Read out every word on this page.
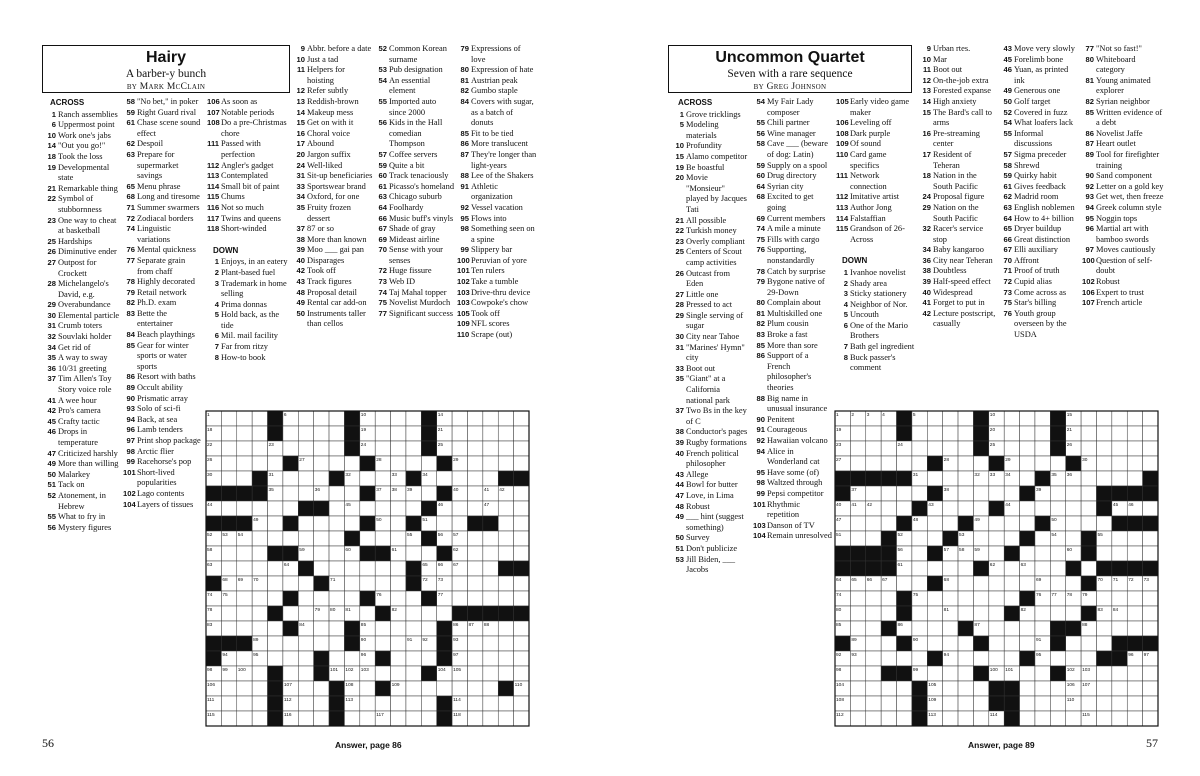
Hairy
A barber-y bunch
by Mark McClain
ACROSS
1 Ranch assemblies
6 Uppermost point
10 Work one's jabs
14 "Out you go!"
18 Took the loss
19 Developmental state
21 Remarkable thing
22 Symbol of stubbornness
23 One way to cheat at basketball
25 Hardships
26 Diminutive ender
27 Outpost for Crockett
28 Michelangelo's David, e.g.
29 Overabundance
30 Elemental particle
31 Crumb toters
32 Souvlaki holder
34 Get rid of
35 A way to sway
36 10/31 greeting
37 Tim Allen's Toy Story voice role
41 A wee hour
42 Pro's camera
45 Crafty tactic
46 Drops in temperature
47 Criticized harshly
49 More than willing
50 Malarkey
51 Tack on
52 Atonement, in Hebrew
55 What to fry in
56 Mystery figures
58 "No bet," in poker
59 Right Guard rival
61 Chase scene sound effect
62 Despoil
63 Prepare for supermarket savings
65 Menu phrase
68 Long and tiresome
71 Summer swarmers
72 Zodiacal borders
74 Linguistic variations
76 Mental quickness
77 Separate grain from chaff
78 Highly decorated
79 Retail network
82 Ph.D. exam
83 Bette the entertainer
84 Beach playthings
85 Gear for winter sports or water sports
86 Resort with baths
89 Occult ability
90 Prismatic array
93 Solo of sci-fi
94 Back, at sea
96 Lamb tenders
97 Print shop package
98 Arctic flier
99 Racehorse's pop
101 Short-lived popularities
102 Lago contents
104 Layers of tissues
106 As soon as
107 Notable periods
108 Do a pre-Christmas chore
111 Passed with perfection
112 Angler's gadget
113 Contemplated
114 Small bit of paint
115 Chums
116 Not so much
117 Twins and queens
118 Short-winded
DOWN
1 Enjoys, in an eatery
2 Plant-based fuel
3 Trademark in home selling
4 Prima donnas
5 Hold back, as the tide
6 Mil. mail facility
7 Far from ritzy
8 How-to book
9 Abbr. before a date
10 Just a tad
11 Helpers for hoisting
12 Refer subtly
13 Reddish-brown
14 Makeup mess
15 Get on with it
16 Choral voice
17 Abound
20 Jargon suffix
24 Well-liked
31 Sit-up beneficiaries
33 Sportswear brand
34 Oxford, for one
35 Fruity frozen dessert
37 87 or so
38 More than known
39 Moo ___ gai pan
40 Disparages
42 Took off
43 Track figures
48 Proposal detail
49 Rental car add-on
50 Instruments taller than cellos
52 Common Korean surname
53 Pub designation
54 An essential element
55 Imported auto since 2000
56 Kids in the Hall comedian Thompson
57 Coffee servers
59 Quite a bit
60 Track tenaciously
61 Picasso's homeland
63 Chicago suburb
64 Foolhardy
66 Music buff's vinyls
67 Shade of gray
69 Mideast airline
70 Sense with your senses
72 Huge fissure
73 Web ID
74 Taj Mahal topper
75 Novelist Murdoch
77 Significant success
79 Expressions of love
80 Expression of hate
81 Austrian peak
82 Gumbo staple
84 Covers with sugar, as a batch of donuts
85 Fit to be tied
86 More translucent
87 They're longer than light-years
88 Lee of the Shakers
91 Athletic organization
92 Vessel vacation
95 Flows into
98 Something seen on a spine
99 Slippery bar
100 Peruvian of yore
101 Ten rulers
102 Take a tumble
103 Drive-thru device
103 Cowpoke's chow
105 Took off
109 NFL scores
110 Scrape (out)
1	6	10	14
18	19	21
22	23	24	25
26	27	28	29
30	31	32	33	34
35	36	37 38 39	40	41 42
44	45	46	47
49	50	51
52 53 54	55	56 57
58	59	60	61	62
63	64	65 66 67
68 69 70	71	72 73
74 75	76	77
78	79 80 81	82
83	84	85	86 87 88
89	90	91 92	93
94	95	96	97
98 99 100	101 102 103	104 105
106	107	108	109	110
111	112	113	114
115	116	117	118
56	Answer, page 86
Uncommon Quartet
Seven with a rare sequence
by Greg Johnson
ACROSS
1 Grove tricklings
5 Modeling materials
10 Profundity
15 Alamo competitor
19 Be boastful
20 Movie "Monsieur" played by Jacques Tati
21 All possible
22 Turkish money
23 Overly compliant
25 Centers of Scout camp activities
26 Outcast from Eden
27 Little one
28 Pressed to act
29 Single serving of sugar
30 City near Tahoe
31 "Marines' Hymn" city
33 Boot out
35 "Giant" at a California national park
37 Two Bs in the key of C
38 Conductor's pages
39 Rugby formations
40 French political philosopher
43 Allege
44 Bowl for butter
47 Love, in Lima
48 Robust
49 ___ hint (suggest something)
50 Survey
51 Don't publicize
53 Jill Biden, ___ Jacobs
54 My Fair Lady composer
55 Chili partner
56 Wine manager
58 Cave ___ (beware of dog: Latin)
59 Supply on a spool
60 Drug directory
64 Syrian city
68 Excited to get going
69 Current members
74 A mile a minute
75 Fills with cargo
76 Supporting, nonstandardly
78 Catch by surprise
79 Bygone native of 29-Down
80 Complain about
81 Multiskilled one
82 Plum cousin
83 Broke a fast
85 More than sore
86 Support of a French philosopher's theories
88 Big name in unusual insurance
90 Penitent
91 Courageous
92 Hawaiian volcano
94 Alice in Wonderland cat
95 Have some (of)
98 Waltzed through
99 Pepsi competitor
101 Rhythmic repetition
103 Danson of TV
104 Remain unresolved
105 Early video game maker
106 Leveling off
108 Dark purple
109 Of sound
110 Card game specifics
111 Network connection
112 Imitative artist
113 Author Jong
114 Falstaffian
115 Grandson of 26-Across
DOWN
1 Ivanhoe novelist
2 Shady area
3 Sticky stationery
4 Neighbor of Nor.
5 Uncouth
6 One of the Mario Brothers
7 Bath gel ingredient
8 Buck passer's comment
9 Urban rtes.
10 Mar
11 Boot out
12 On-the-job extra
13 Forested expanse
14 High anxiety
15 The Bard's call to arms
16 Pre-streaming center
17 Resident of Teheran
18 Nation in the South Pacific
24 Proposal figure
29 Nation on the South Pacific
32 Racer's service stop
34 Baby kangaroo
36 City near Teheran
38 Doubtless
39 Half-speed effect
40 Widespread
41 Forget to put in
42 Lecture postscript, casually
43 Move very slowly
45 Forelimb bone
46 Yuan, as printed ink
49 Generous one
50 Golf target
52 Covered in fuzz
54 What loafers lack
55 Informal discussions
57 Sigma preceder
58 Shrewd
59 Quirky habit
61 Gives feedback
62 Madrid room
63 English noblemen
64 How to 4+ billion
65 Dryer buildup
66 Great distinction
67 Elli auxiliary
70 Affront
71 Proof of truth
72 Cupid alias
73 Come across as
75 Star's billing
76 Youth group overseen by the USDA
77 "Not so fast!"
80 Whiteboard category
81 Young animated explorer
82 Syrian neighbor
85 Written evidence of a debt
86 Novelist Jaffe
87 Heart outlet
89 Tool for firefighter training
90 Sand component
92 Letter on a gold key
93 Get wet, then freeze
94 Greek column style
95 Noggin tops
96 Martial art with bamboo swords
97 Moves cautiously
100 Question of self-doubt
102 Robust
106 Expert to trust
107 French article
1	2	3	4	5	10	15
19	20	21
23	24	25	26
27	28	29	30
31	32 33 34	35 36
37	38	39
40 41 42	43	44	45 46
47	48	49	50
51	52	53	54	55
56	57 58 59	60
61	62	63
64 65 66 67	68	69	70 71 72 73
74	75	76 77 78 79
80	81	82	83 84
85	86	87	88
89	90	91
92 93	94	95	96 97
98	99	100 101	102 103
104	105	106 107
108	109	110
112	113	114	115
57
Answer, page 89
